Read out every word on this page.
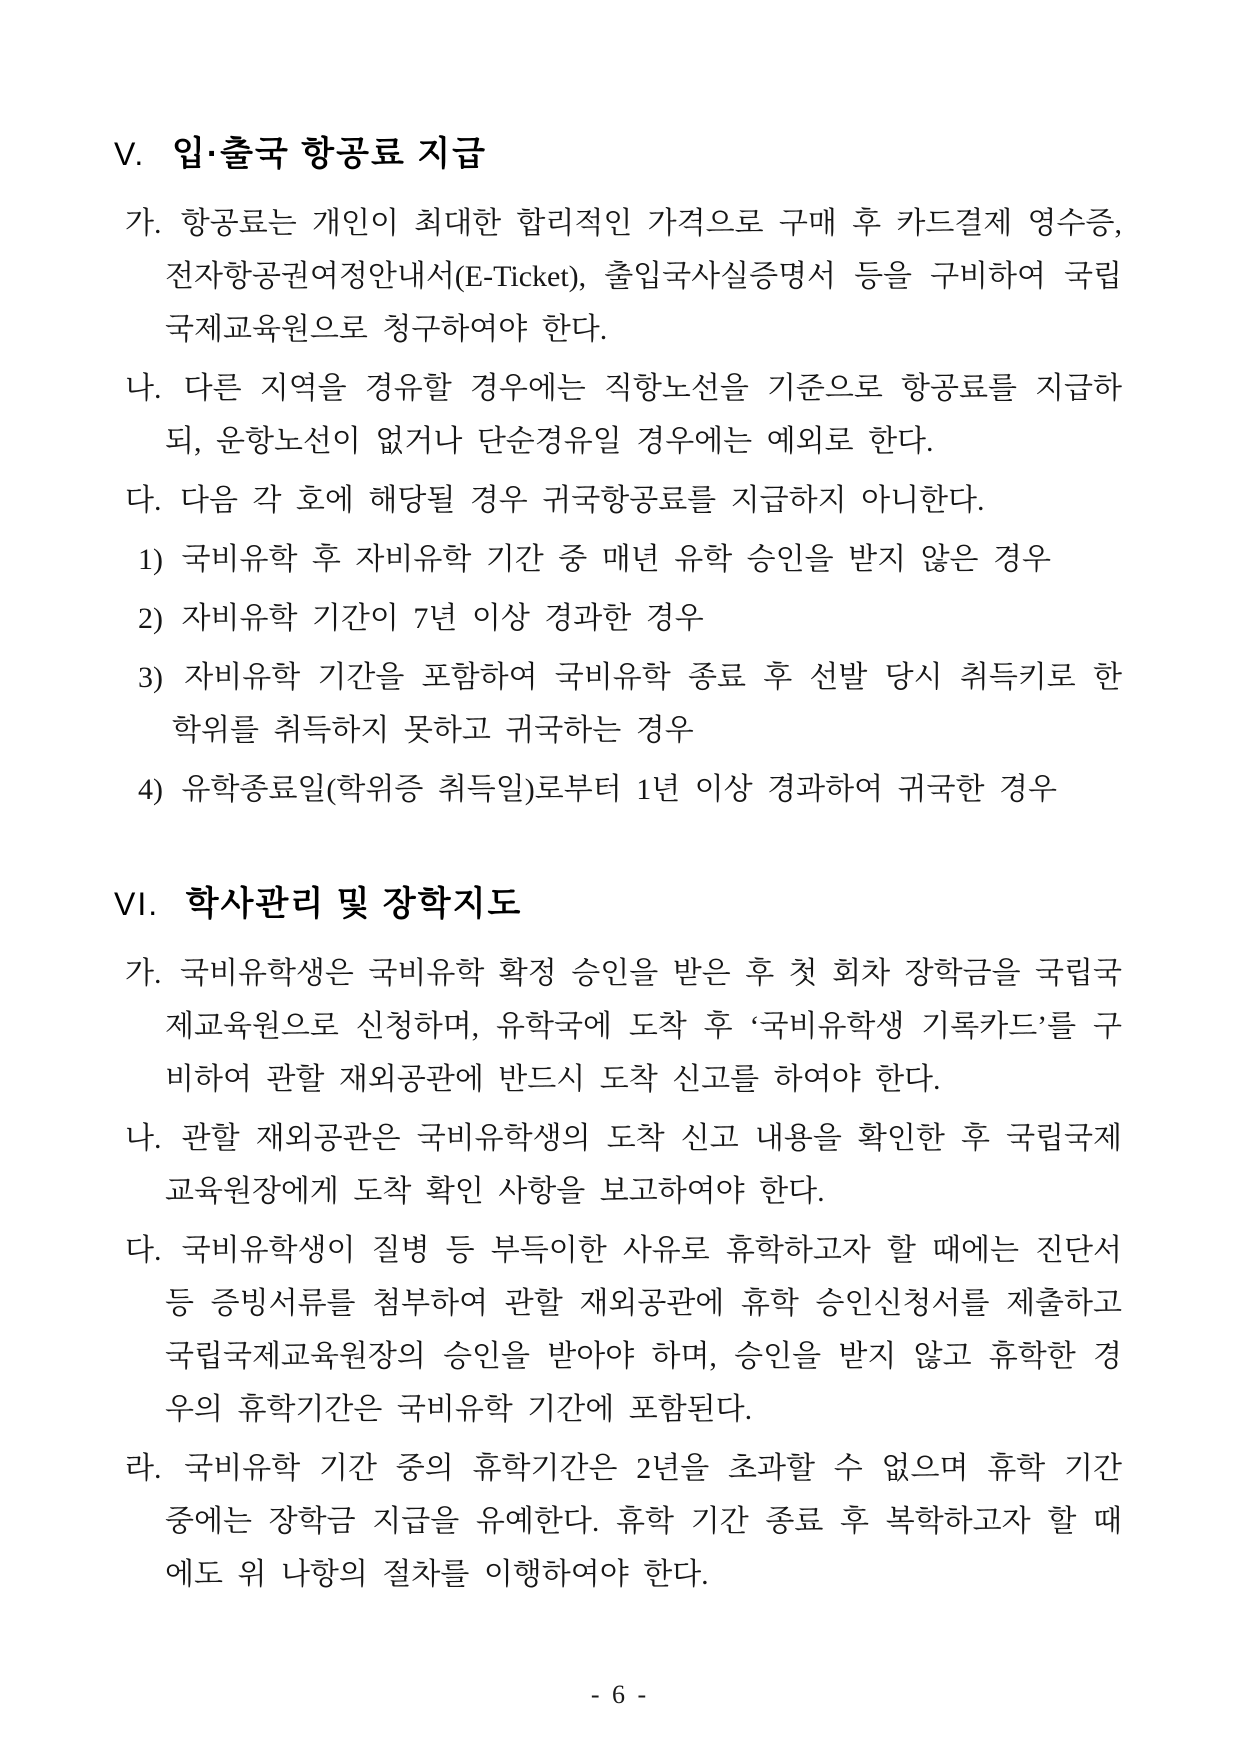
V. 입·출국 항공료 지급

가. 항공료는 개인이 최대한 합리적인 가격으로 구매 후 카드결제 영수증, 전자항공권여정안내서(E-Ticket), 출입국사실증명서 등을 구비하여 국립국제교육원으로 청구하여야 한다.

나. 다른 지역을 경유할 경우에는 직항노선을 기준으로 항공료를 지급하되, 운항노선이 없거나 단순경유일 경우에는 예외로 한다.

다. 다음 각 호에 해당될 경우 귀국항공료를 지급하지 아니한다.

1) 국비유학 후 자비유학 기간 중 매년 유학 승인을 받지 않은 경우

2) 자비유학 기간이 7년 이상 경과한 경우

3) 자비유학 기간을 포함하여 국비유학 종료 후 선발 당시 취득키로 한 학위를 취득하지 못하고 귀국하는 경우

4) 유학종료일(학위증 취득일)로부터 1년 이상 경과하여 귀국한 경우

VI. 학사관리 및 장학지도

가. 국비유학생은 국비유학 확정 승인을 받은 후 첫 회차 장학금을 국립국제교육원으로 신청하며, 유학국에 도착 후 ‘국비유학생 기록카드’를 구비하여 관할 재외공관에 반드시 도착 신고를 하여야 한다.

나. 관할 재외공관은 국비유학생의 도착 신고 내용을 확인한 후 국립국제교육원장에게 도착 확인 사항을 보고하여야 한다.

다. 국비유학생이 질병 등 부득이한 사유로 휴학하고자 할 때에는 진단서 등 증빙서류를 첨부하여 관할 재외공관에 휴학 승인신청서를 제출하고 국립국제교육원장의 승인을 받아야 하며, 승인을 받지 않고 휴학한 경우의 휴학기간은 국비유학 기간에 포함된다.

라. 국비유학 기간 중의 휴학기간은 2년을 초과할 수 없으며 휴학 기간 중에는 장학금 지급을 유예한다. 휴학 기간 종료 후 복학하고자 할 때에도 위 나항의 절차를 이행하여야 한다.

- 6 -
